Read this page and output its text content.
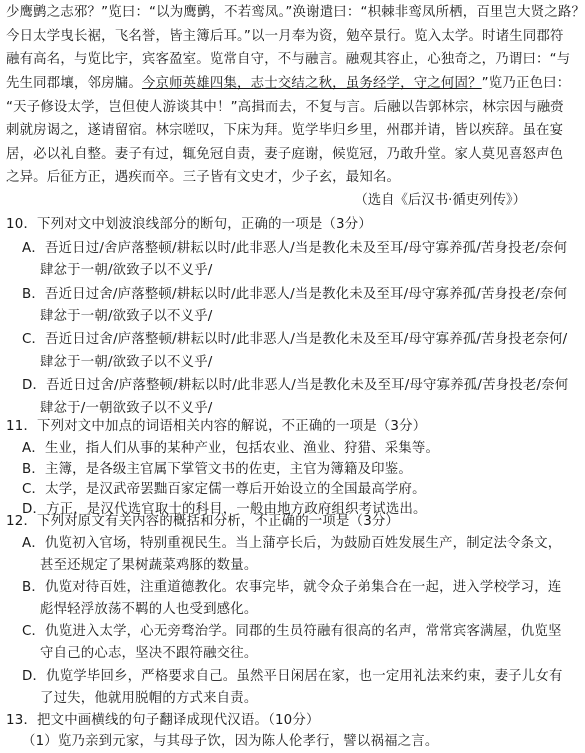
少鹰鹯之志邪？”览曰：“以为鹰鹯，不若鸾凤。”涣谢遣曰：“枳棘非鸾凤所栖，百里岂大贤之路？
今日太学曳长裾，飞名誉，皆主簿后耳。”以一月奉为资，勉卒景行。览入太学。时诸生同郡符
融有高名，与览比宇，宾客盈室。览常自守，不与融言。融观其容止，心独奇之，乃谓曰：“与
先生同郡壤，邻房牖。今京师英雄四集，志士交结之秋，虽务经学，守之何固？”览乃正色曰：
“天子修设太学，岂但使人游谈其中！”高揖而去，不复与言。后融以告郭林宗，林宗因与融赍
刺就房谒之，遂请留宿。林宗嗟叹，下床为拜。览学毕归乡里，州郡并请，皆以疾辞。虽在宴
居，必以礼自整。妻子有过，辄免冠自责，妻子庭谢，候览冠，乃敢升堂。家人莫见喜怒声色
之异。后征方正，遇疾而卒。三子皆有文史才，少子玄，最知名。
（选自《后汉书·循吏列传》）
10．下列对文中划波浪线部分的断句，正确的一项是（3分）
A．吾近日过/舍庐落整顿/耕耘以时/此非恶人/当是教化未及至耳/母守寡养孤/苦身投老/奈何
肆忿于一朝/欲致子以不义乎/
B．吾近日过舍/庐落整顿/耕耘以时/此非恶人/当是教化未及至耳/母守寡养孤/苦身投老/奈何
肆忿于一朝/欲致子以不义乎/
C．吾近日过舍/庐落整顿/耕耘以时/此非恶人/当是教化未及至耳/母守寡养孤/苦身投老奈何/
肆忿于一朝/欲致子以不义乎/
D．吾近日过舍/庐落整顿/耕耘以时/此非恶人/当是教化未及至耳/母守寡养孤/苦身投老/奈何
肆忿于/一朝欲致子以不义乎/
11．下列对文中加点的词语相关内容的解说，不正确的一项是（3分）
A．生业，指人们从事的某种产业，包括农业、渔业、狩猎、采集等。
B．主簿，是各级主官属下掌管文书的佐吏，主官为簿籍及印鉴。
C．太学，是汉武帝罢黜百家定儒一尊后开始设立的全国最高学府。
D．方正，是汉代选官取士的科目，一般由地方政府组织考试选出。
12．下列对原文有关内容的概括和分析，不正确的一项是（3分）
A．仇览初入官场，特别重视民生。当上蒲亭长后，为鼓励百姓发展生产，制定法令条文，
甚至还规定了果树蔬菜鸡豚的数量。
B．仇览对待百姓，注重道德教化。农事完毕，就令众子弟集合在一起，进入学校学习，连
彪悍轻浮放荡不羁的人也受到感化。
C．仇览进入太学，心无旁骛治学。同郡的生员符融有很高的名声，常常宾客满屋，仇览坚
守自己的心志，坚决不跟符融交往。
D．仇览学毕回乡，严格要求自己。虽然平日闲居在家，也一定用礼法来约束，妻子儿女有
了过失，他就用脱帽的方式来自责。
13．把文中画横线的句子翻译成现代汉语。（10分）
（1）览乃亲到元家，与其母子饮，因为陈人伦孝行，譬以祸福之言。
